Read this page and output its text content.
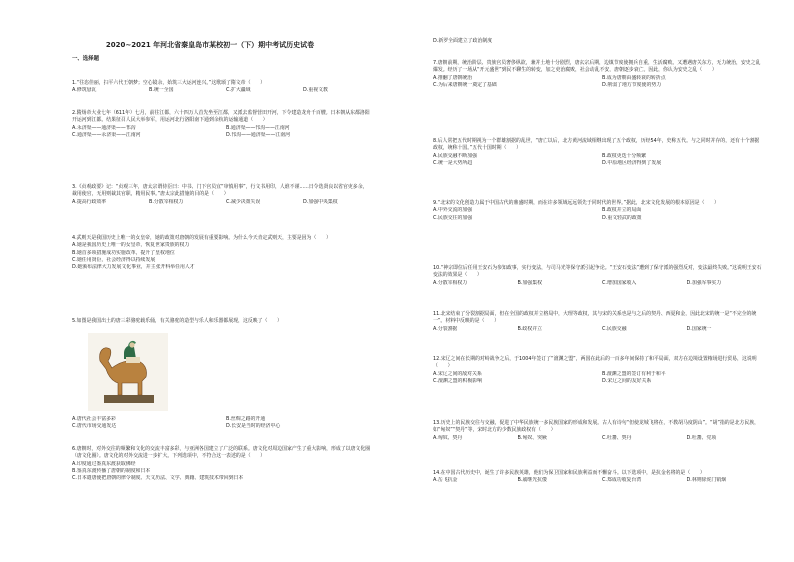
2020~2021 年河北省秦皇岛市某校初一（下）期中考试历史试卷
一、选择题
1.“往恣佳丽，扫平六代王朝梦；空心镜余，始筑三大运河连兴。”这歌颂了隋文帝（　　）
A.修筑悬瓦	B.统一全国	C.扩大疆域	D.重视文教
2.隋炀帝大业七年（611年）七月，前往江都，六十四万人首先坐至江都，又派去监督营田开河，下令建造龙舟千百艘。日本朝从东都洛阳开运河到江都。结果征召人民大举参军，用运河北行洛阳南下通到余杭的运输通道（　　）
A.永济渠——通济渠——邗沟	B.通济渠——邗沟——江南河
C.通济渠——永济渠——江南河	D.邗沟——通济渠——江南河
3.《贞观政要》记：“贞观三年，唐太宗谓侍臣曰：中书、门下官员宜“审慎用事”，行文书用印，人谁不谨......日令选贤良以省官吏多余，裁用使官，无用则裁其官职，精用民事。”唐太宗此措施的目的是（　　）
A.提高行政效率	B.分散宰相权力	C.减少决策失误	D.加强中央集权
4.武则天是我国历史上唯一的女皇帝，她的政策对唐朝的发展有重要影响。为什么今天肯定武则天，主要是因为（　　）
A.她是我国历史上唯一的女皇帝，恢复世家贵族的权力
B.她首多项措施成功实施改革，提升了皇权地位
C.她任用贤臣，社会经济得以持续发展
D.她颁布法律大力发展文化事业，并主张开科举任用人才
5.如图是我国出土的唐三彩骆驼载乐俑，有关骆驼的造型与乐人和乐器都展现，这反映了（　　）
A.唐代社会丰富多彩	B.丝绸之路的开通
C.唐代市场交通发达	D.长安是当时的经济中心
6.唐朝时，对外交往的频繁和文化的交流丰富多彩，与亚洲各国建立了广泛的联系。唐文化对周边国家产生了重大影响，形成了以唐文化圈（唐文化圈）。唐文化的对外交流进一步扩大。下列选项中，不符合这一表述的是（　　）
A.印度通过鉴真东渡获取佛经
B.鉴真东渡传播了唐朝的制度和日本
C.日本遣唐使把唐朝的律令制度、天文历法、文学、典籍、建筑技术带回到日本
D.新罗全面建立了政治制度
7.唐朝前期，统治阶层、贵族官员奢侈纵欲，兼并土地十分剧烈，唐玄宗后期，边镇节度使拥兵自重，生活腐败。又遭遇唐关东方，无力统治，安史之乱爆发。经历了一场从“开元盛世”到民不聊生的转变，加之吏治腐败，社会动乱不安，唐朝逐步衰亡。因此，你认为安史之乱（　　）
A.推翻了唐朝统治	B.成为唐朝由盛转衰的转折点
C.为后来唐朝统一奠定了基础	D.削弱了地方节度使的势力
8.后人常把五代时期视为一个群雄割据的乱世，“唐亡以后，北方黄河流域相继出现了五个政权，历经54年，史称五代。与之同时并存的，还有十个割据政权，统称十国。”五代十国时期（　　）
A.民族交融不断加强	B.政权更迭十分频繁
C.统一是大势所趋	D.中原地区经济得到了发展
9.“北宋的文化创造力属于中国古代的鼎盛时期，而在许多领域远远领先于同时代的世界。”据此，北宋文化发展的根本原因是（　　）
A.中外交流的加强	B.政权并立的局面
C.民族交往的加强	D.重文轻武的政策
10.“神宗即位后任用王安石为参知政事，实行变法，与司马光等保守派引起争论。“王安石变法”遭到了保守派的强烈反对，变法最终失败。”这说明王安石变法的效果是（　　）
A.分散宰相权力	B.加强集权	C.增加国家收入	D.加强军事实力
11.北宋结束了分裂割据局面，但在全国的政权并立格局中，大理等政权，其与宋的关系也是与之后的契丹、西夏和金，因此北宋的统一是“不完全的统一”。材料中反映的是（　　）
A.分裂割据	B.政权并立	C.民族交融	D.国家统一
12.宋辽之间在长期的对峙战争之后，于1004年签订了“澶渊之盟”，两国在此后的一百多年间保持了和平局面，双方在边境设置榷场进行贸易，这说明（　　）
A.宋辽之间的敌对关系	B.澶渊之盟的签订有利于和平
C.澶渊之盟的积极影响	D.宋辽之间的友好关系
13.历史上的民族交往与交融，促进了中华民族统一多民族国家的形成和发展。古人有诗句“但使龙城飞将在，不教胡马度阴山”。“胡”指的是北方民族，如“匈奴”“契丹”等，宋时北方的少数民族政权有（　　）
A.匈奴、契丹	B.匈奴、突厥	C.吐蕃、契丹	D.吐蕃、党项
14.在中国古代历史中，诞生了许多民族英雄，他们为保卫国家和民族利益而不懈奋斗。以下选项中，是抗金名将的是（　　）
A.岳飞抗金	B.戚继光抗倭	C.郑成功收复台湾	D.林则徐虎门销烟
